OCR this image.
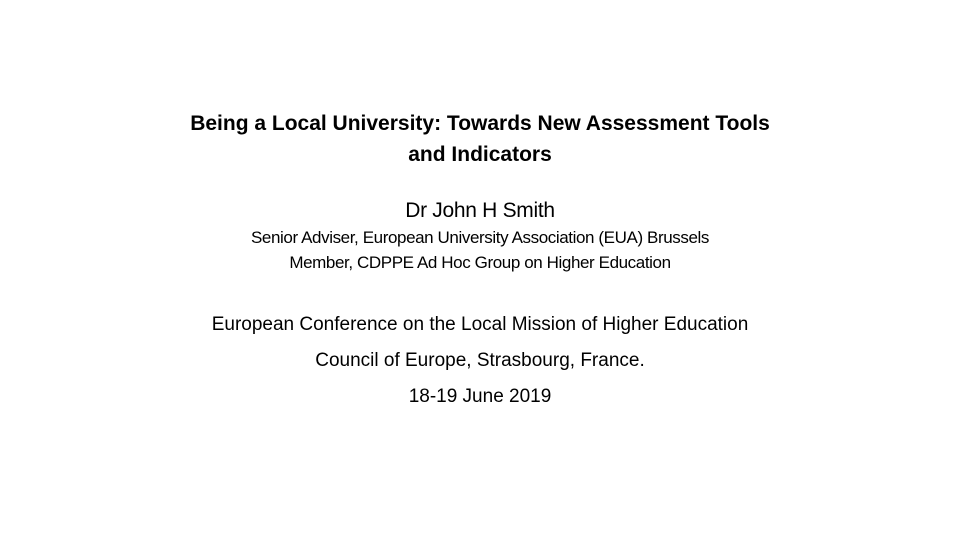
Being a Local University: Towards New Assessment Tools
and Indicators
Dr John H Smith
Senior Adviser, European University Association (EUA) Brussels
Member, CDPPE Ad Hoc Group on Higher Education
European Conference on the Local Mission of Higher Education
Council of Europe, Strasbourg, France.
18-19 June 2019
